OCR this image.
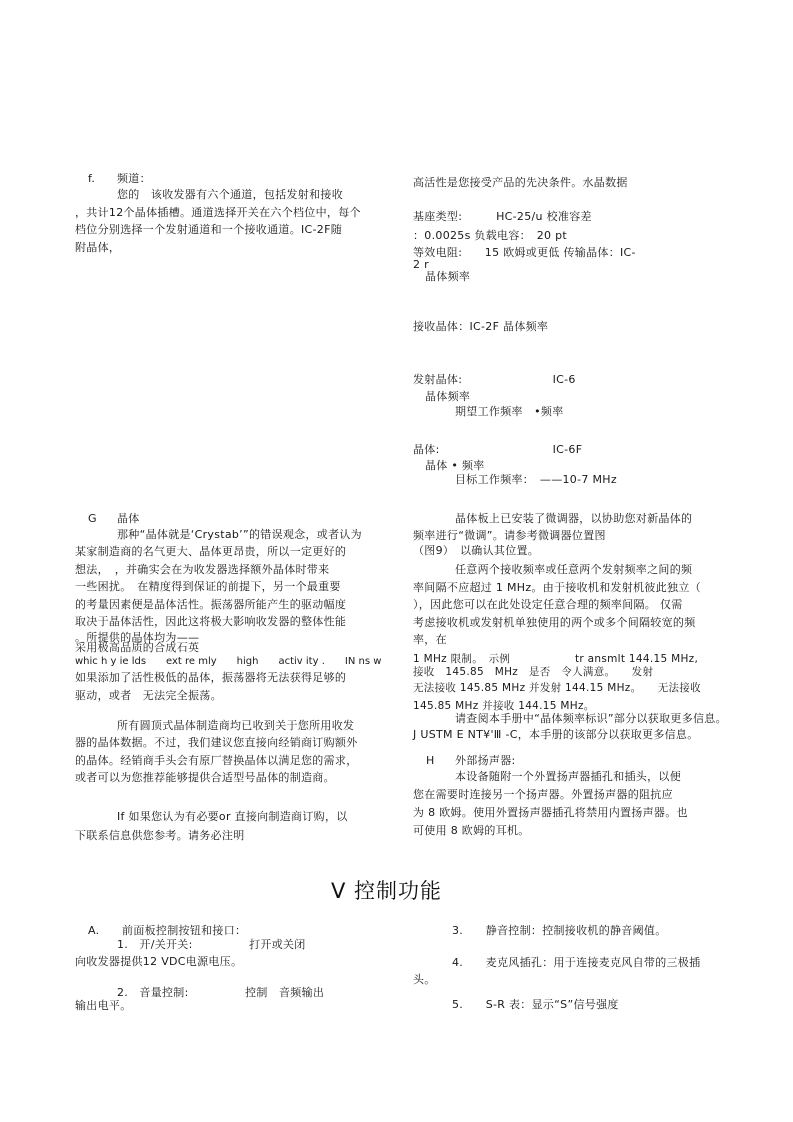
f. 频道：
您的　该收发器有六个通道，包括发射和接收
，共计12个晶体插槽。通道选择开关在六个档位中，每个
档位分别选择一个发射通道和一个接收通道。IC-2F随
附晶体，
G 晶体
那种“晶体就是‘Crystab’”的错误观念，或者认为
某家制造商的名气更大、晶体更昂贵，所以一定更好的
想法，　，并确实会在为收发器选择额外晶体时带来
一些困扰。　在精度得到保证的前提下，另一个最重要
的考量因素便是晶体活性。振荡器所能产生的驱动幅度
取决于晶体活性，因此这将极大影响收发器的整体性能
。所提供的晶体均为——
采用极高品质的合成石英
whic h y ie lds　　ext re mly　　high　　activ ity .　　IN ns w
如果添加了活性极低的晶体，振荡器将无法获得足够的
驱动，或者　无法完全振荡。
所有圆顶式晶体制造商均已收到关于您所用收发
器的晶体数据。不过，我们建议您直接向经销商订购额外
的晶体。经销商手头会有原厂替换晶体以满足您的需求，
或者可以为您推荐能够提供合适型号晶体的制造商。
If 如果您认为有必要or 直接向制造商订购，以
下联系信息供您参考。请务必注明
高活性是您接受产品的先决条件。水晶数据
基座类型:　　　HC-25/u 校准容差
：0.0025s 负载电容：　20 pt
等效电阻:　　15 欧姆或更低 传输晶体：IC-
2 r
晶体频率
接收晶体：IC-2F 晶体频率
发射晶体:　　　　　　　　IC-6
晶体频率
期望工作频率　•频率
晶体:　　　　　　　　　　IC-6F
晶体 • 频率
目标工作频率：　——10-7 MHz
晶体板上已安装了微调器，以协助您对新晶体的
频率进行“微调”。请参考微调器位置图
（图9）　以确认其位置。
任意两个接收频率或任意两个发射频率之间的频
率间隔不应超过 1 MHz。由于接收机和发射机彼此独立（
），因此您可以在此处设定任意合理的频率间隔。 仅需
考虑接收机或发射机单独使用的两个或多个间隔较宽的频
率，在
1 MHz 限制。　示例　　　　　　tr ansmlt 144.15 MHz,
接收　145.85　MHz　是否　令人满意。　　发射
无法接收 145.85 MHz 并发射 144.15 MHz。　　无法接收
145.85 MHz 并接收 144.15 MHz。
请查阅本手册中“晶体频率标识”部分以获取更多信息。
J USTM E NT¥'Ⅲ -C，本手册的该部分以获取更多信息。
H 外部扬声器:
本设备随附一个外置扬声器插孔和插头，以便
您在需要时连接另一个扬声器。外置扬声器的阻抗应
为 8 欧姆。使用外置扬声器插孔将禁用内置扬声器。也
可使用 8 欧姆的耳机。
V 控制功能
A.　　前面板控制按钮和接口：
1.　开/关开关:　　　　　打开或关闭
向收发器提供12 VDC电源电压。
2.　音量控制:　　　　　控制　音频输出
输出电平。
3.　　静音控制：控制接收机的静音阈值。
4.　　麦克风插孔：用于连接麦克风自带的三极插
头。
5.　　S-R 表：显示“S”信号强度
